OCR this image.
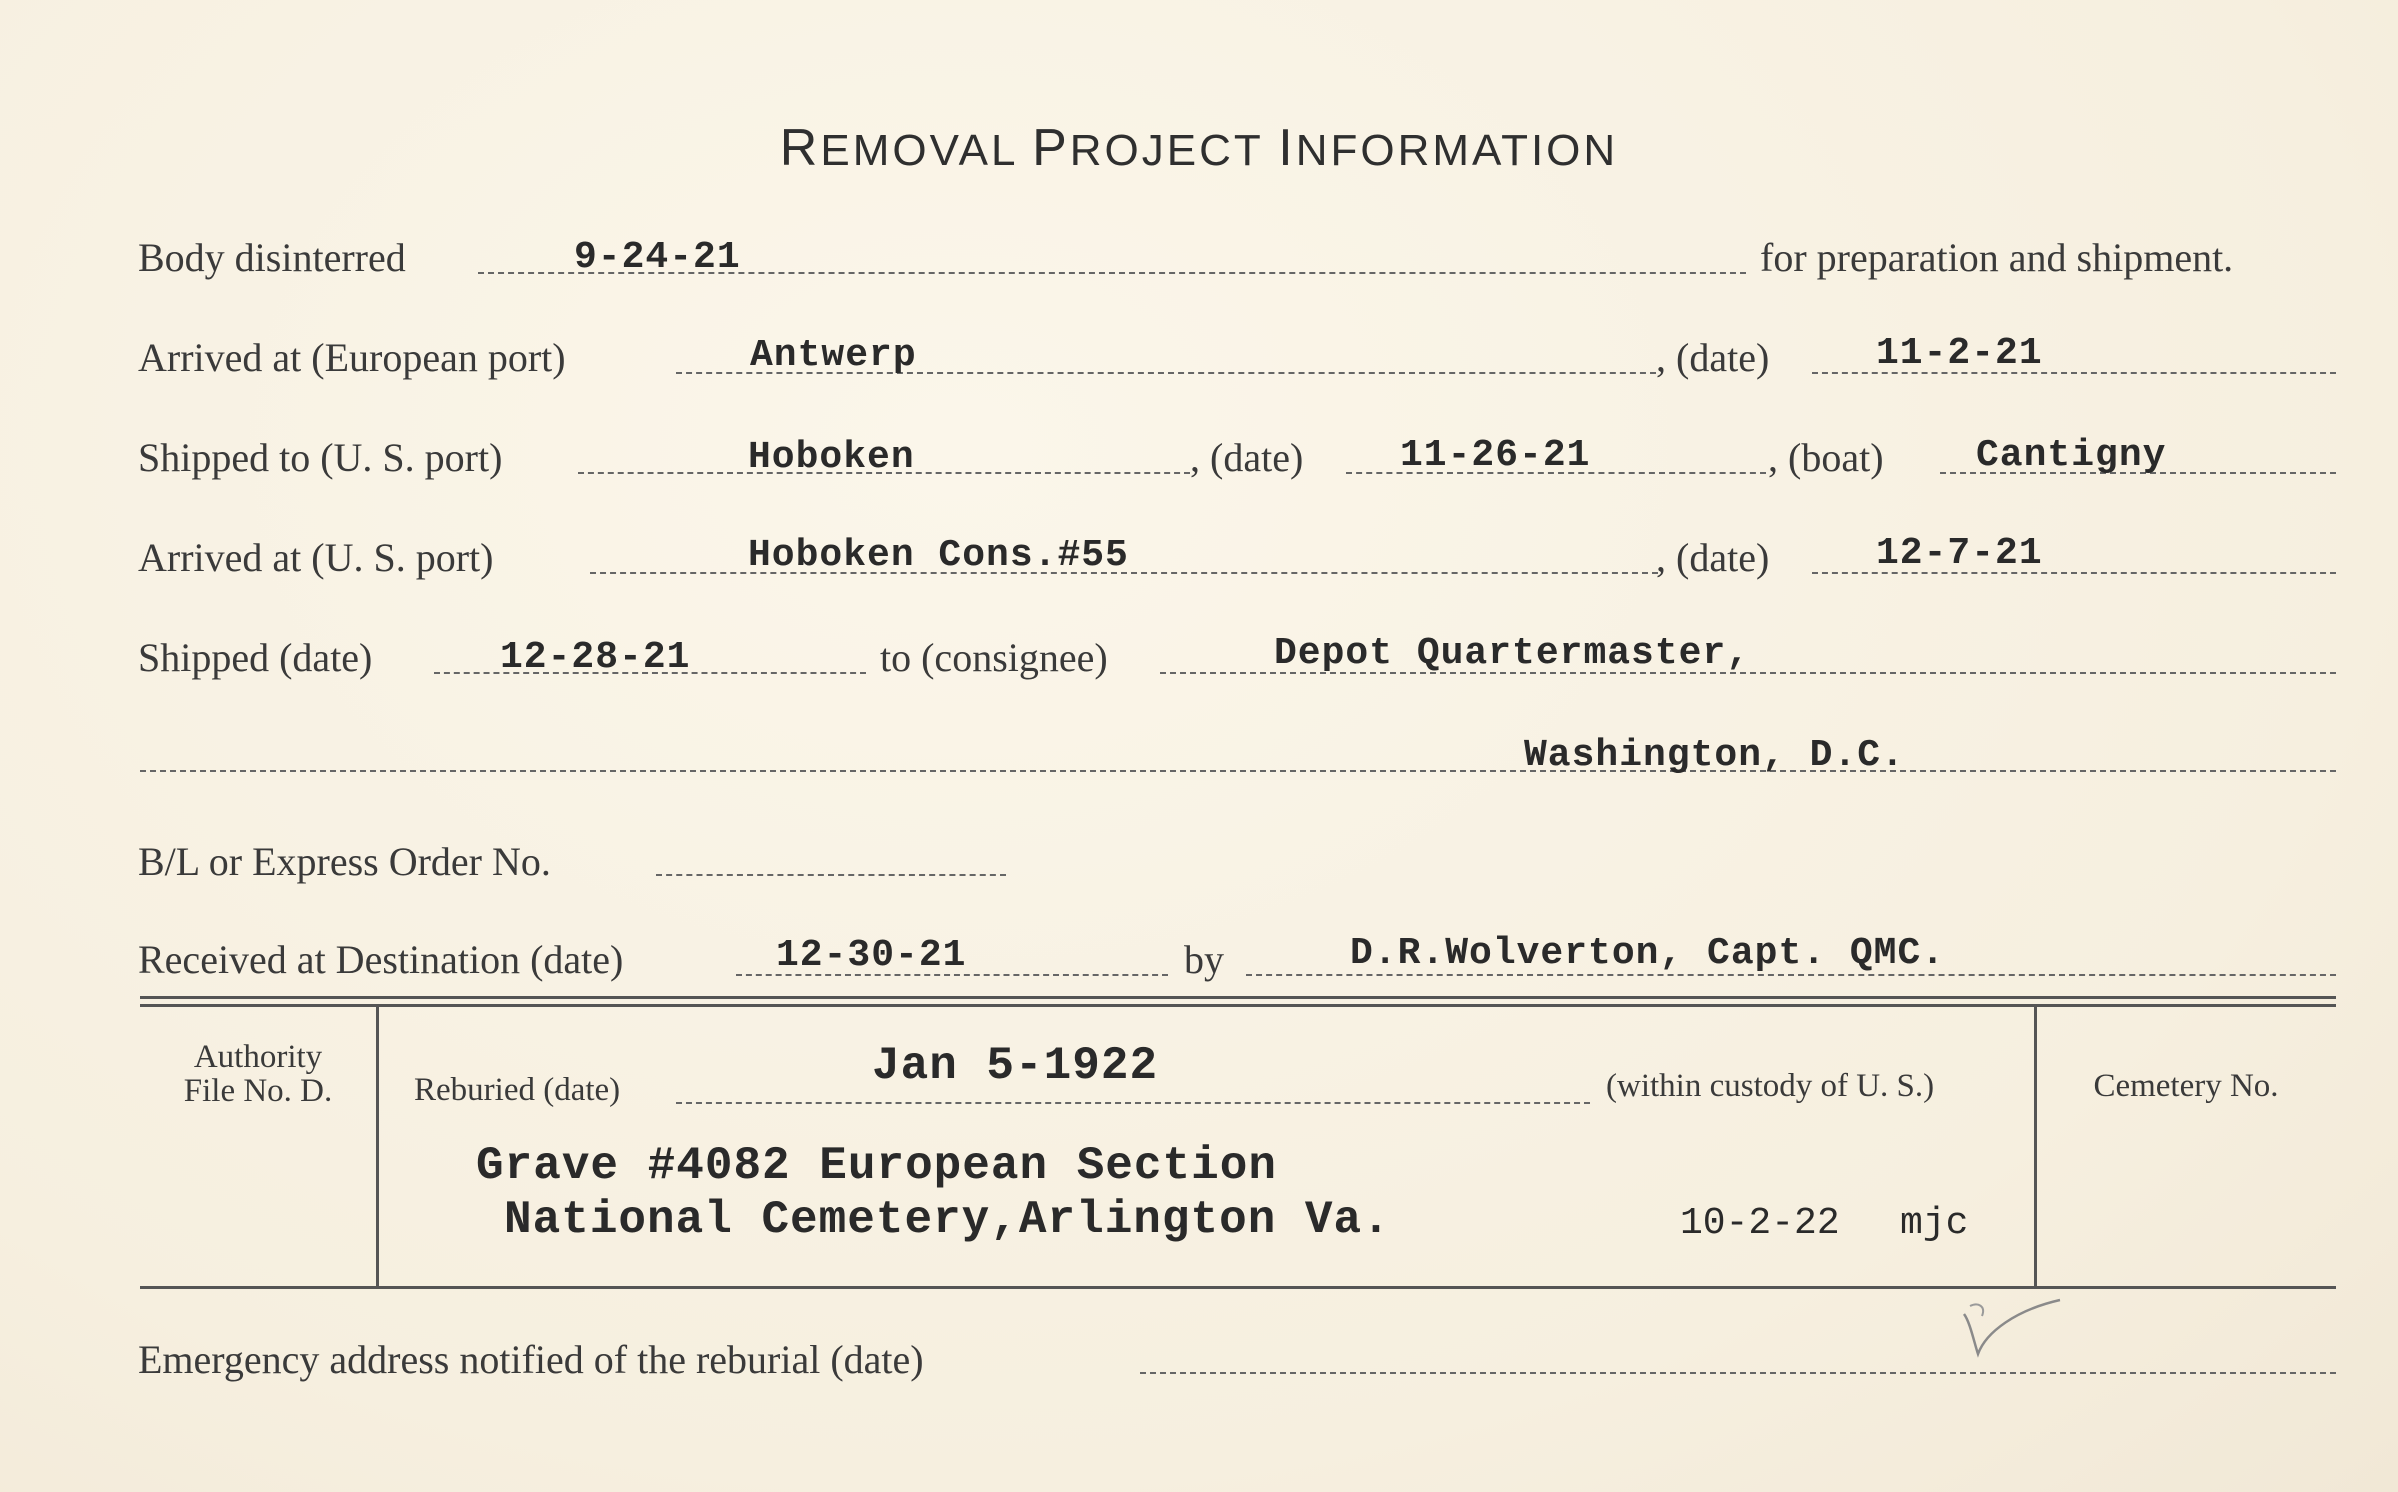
REMOVAL PROJECT INFORMATION
Body disinterred	9-24-21	for preparation and shipment.
Arrived at (European port)	Antwerp	, (date)	11-2-21
Shipped to (U. S. port)	Hoboken	, (date)	11-26-21	, (boat) Cantigny
Arrived at (U. S. port)	Hoboken Cons.#55	, (date)	12-7-21
Shipped (date)	12-28-21	to (consignee)	Depot Quartermaster,
Washington, D.C.
B/L or Express Order No.
Received at Destination (date)	12-30-21	by	D.R.Wolverton, Capt. QMC.
Authority
File No. D.	Reburied (date)	Jan 5-1922	(within custody of U. S.)
Grave #4082 European Section
National Cemetery,Arlington Va.	10-2-22 mjc
Cemetery No.
Emergency address notified of the reburial (date)
